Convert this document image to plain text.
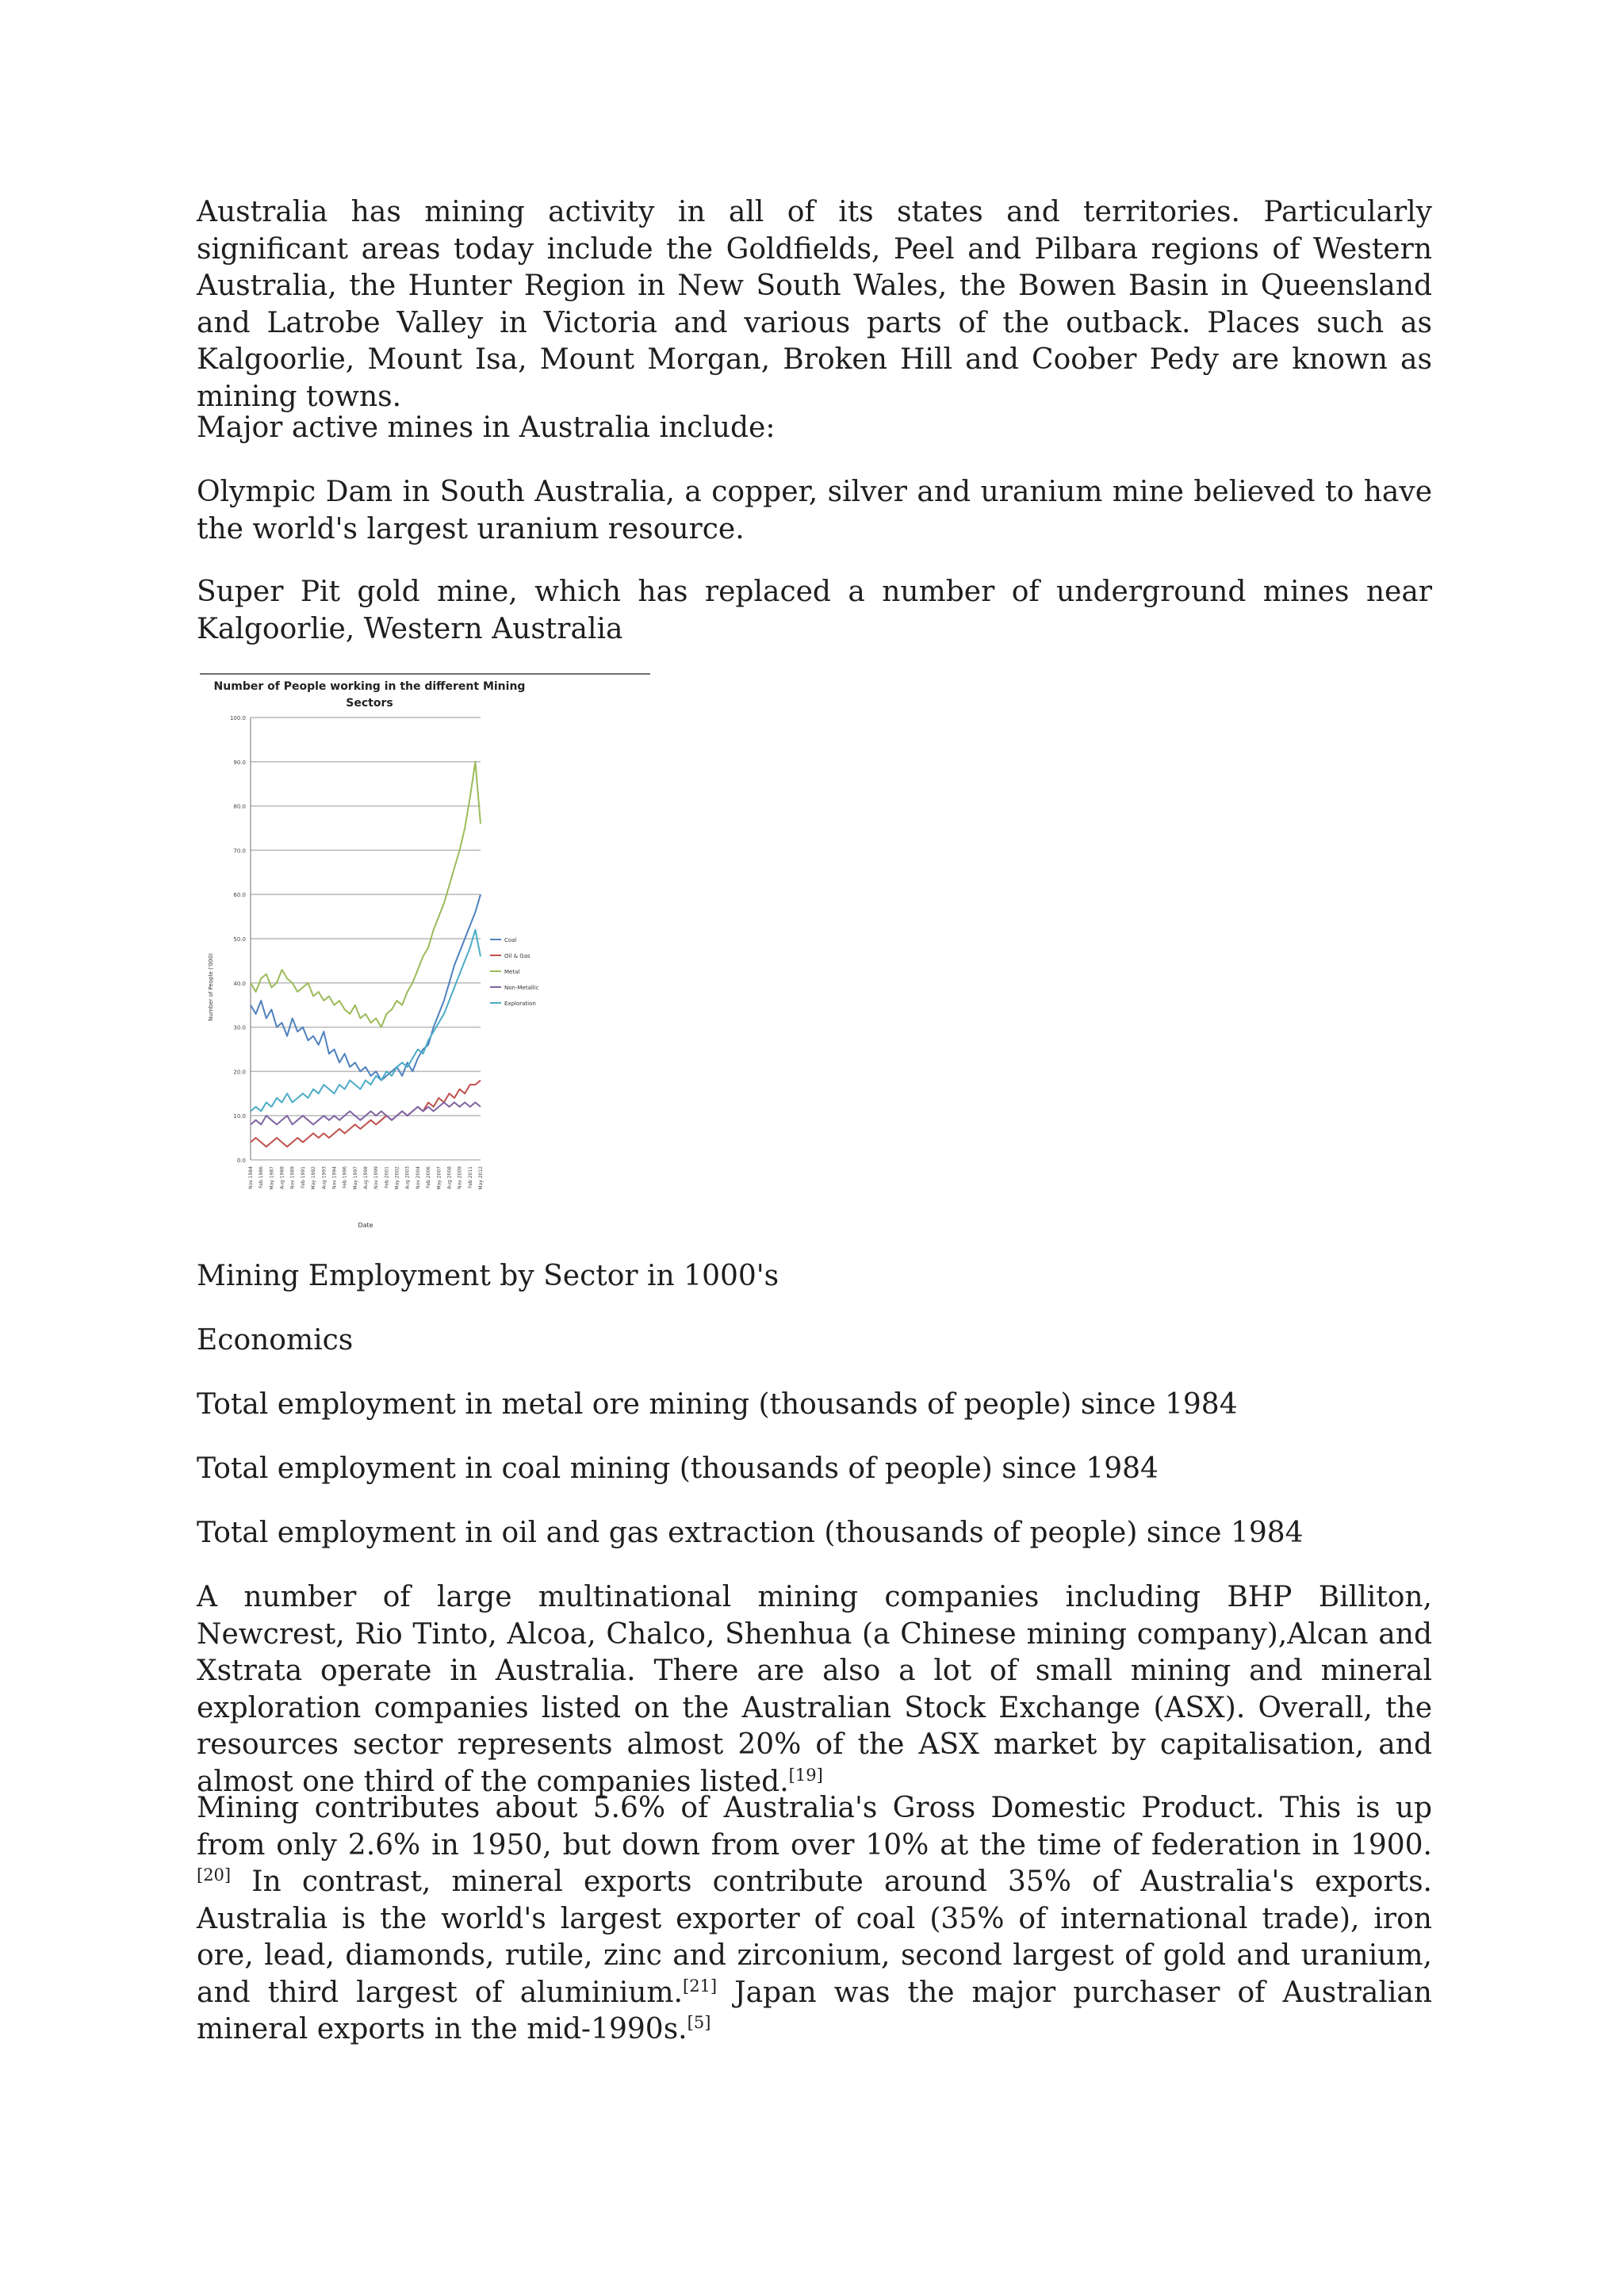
Australia has mining activity in all of its states and territories. Particularly significant areas today include the Goldfields, Peel and Pilbara regions of Western Australia, the Hunter Region in New South Wales, the Bowen Basin in Queensland and Latrobe Valley in Victoria and various parts of the outback. Places such as Kalgoorlie, Mount Isa, Mount Morgan, Broken Hill and Coober Pedy are known as mining towns.

Major active mines in Australia include:

Olympic Dam in South Australia, a copper, silver and uranium mine believed to have the world's largest uranium resource.

Super Pit gold mine, which has replaced a number of underground mines near Kalgoorlie, Western Australia

Number of People working in the different Mining
Sectors
0.0
10.0
20.0
30.0
40.0
50.0
60.0
70.0
80.0
90.0
100.0
Nov 1984 Feb 1986 May 1987 Aug 1988 Nov 1989 Feb 1991 May 1992 Aug 1993 Nov 1994 Feb 1996 May 1997 Aug 1998 Nov 1999 Feb 2001 May 2002 Aug 2003 Nov 2004 Feb 2006 May 2007 Aug 2008 Nov 2009 Feb 2011 May 2012
Coal
Oil & Gas
Metal
Non-Metallic
Exploration
Number of People ('000)
Date

Mining Employment by Sector in 1000's

Economics

Total employment in metal ore mining (thousands of people) since 1984

Total employment in coal mining (thousands of people) since 1984

Total employment in oil and gas extraction (thousands of people) since 1984

A number of large multinational mining companies including BHP Billiton, Newcrest, Rio Tinto, Alcoa, Chalco, Shenhua (a Chinese mining company),Alcan and Xstrata operate in Australia. There are also a lot of small mining and mineral exploration companies listed on the Australian Stock Exchange (ASX). Overall, the resources sector represents almost 20% of the ASX market by capitalisation, and almost one third of the companies listed.[19]

Mining contributes about 5.6% of Australia's Gross Domestic Product. This is up from only 2.6% in 1950, but down from over 10% at the time of federation in 1900.[20] In contrast, mineral exports contribute around 35% of Australia's exports. Australia is the world's largest exporter of coal (35% of international trade), iron ore, lead, diamonds, rutile, zinc and zirconium, second largest of gold and uranium, and third largest of aluminium.[21] Japan was the major purchaser of Australian mineral exports in the mid-1990s.[5]
